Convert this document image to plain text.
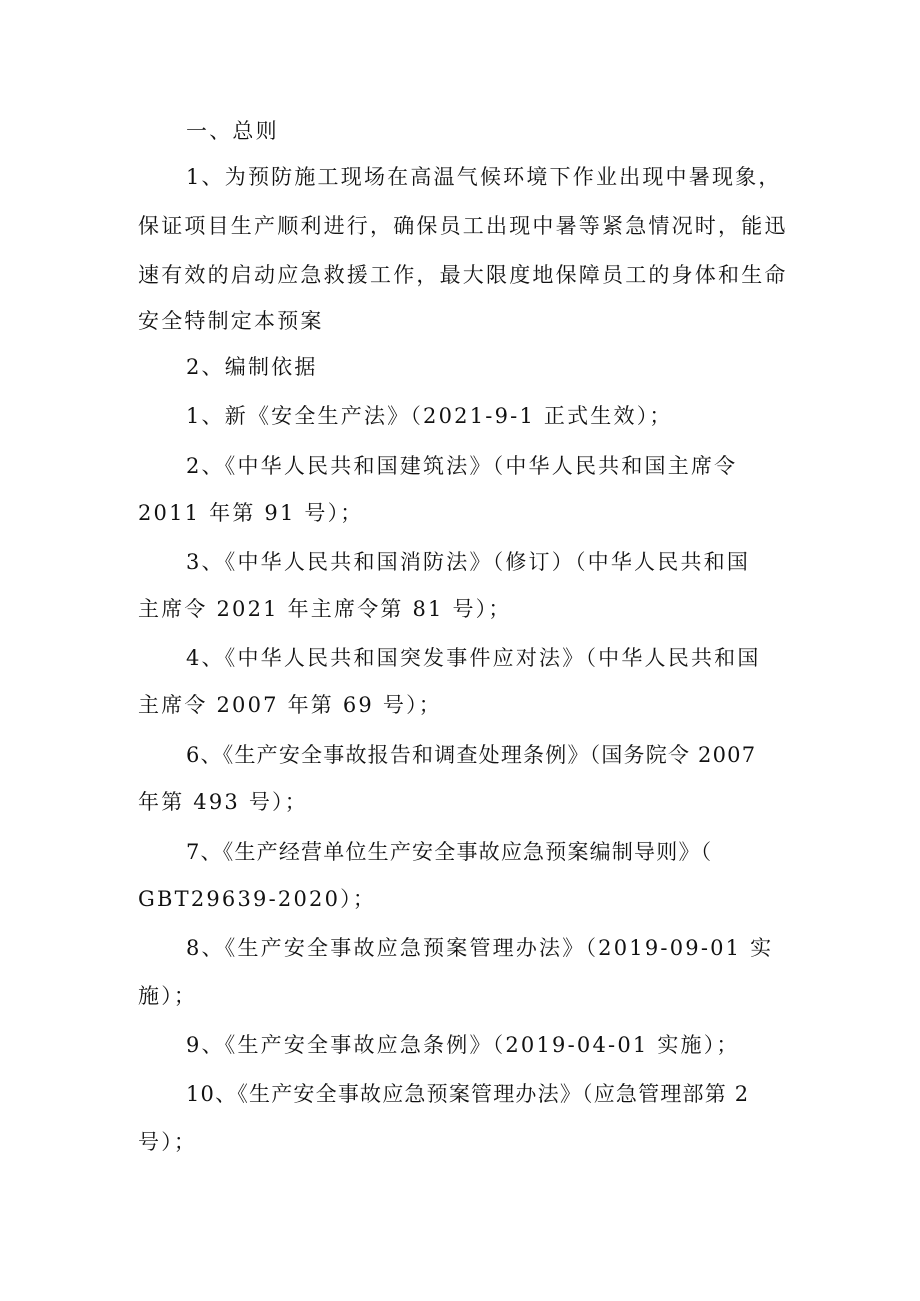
一、总则
1、为预防施工现场在高温气候环境下作业出现中暑现象，
保证项目生产顺利进行，确保员工出现中暑等紧急情况时，能迅
速有效的启动应急救援工作，最大限度地保障员工的身体和生命
安全特制定本预案
2、编制依据
1、新《安全生产法》（2021-9-1 正式生效）；
2、《中华人民共和国建筑法》（中华人民共和国主席令
2011 年第 91 号）；
3、《中华人民共和国消防法》（修订）（中华人民共和国
主席令 2021 年主席令第 81 号）；
4、《中华人民共和国突发事件应对法》（中华人民共和国
主席令 2007 年第 69 号）；
6、《生产安全事故报告和调查处理条例》（国务院令 2007
年第 493 号）；
7、《生产经营单位生产安全事故应急预案编制导则》（
GBT29639-2020）；
8、《生产安全事故应急预案管理办法》（2019-09-01 实
施）；
9、《生产安全事故应急条例》（2019-04-01 实施）；
10、《生产安全事故应急预案管理办法》（应急管理部第 2
号）；
